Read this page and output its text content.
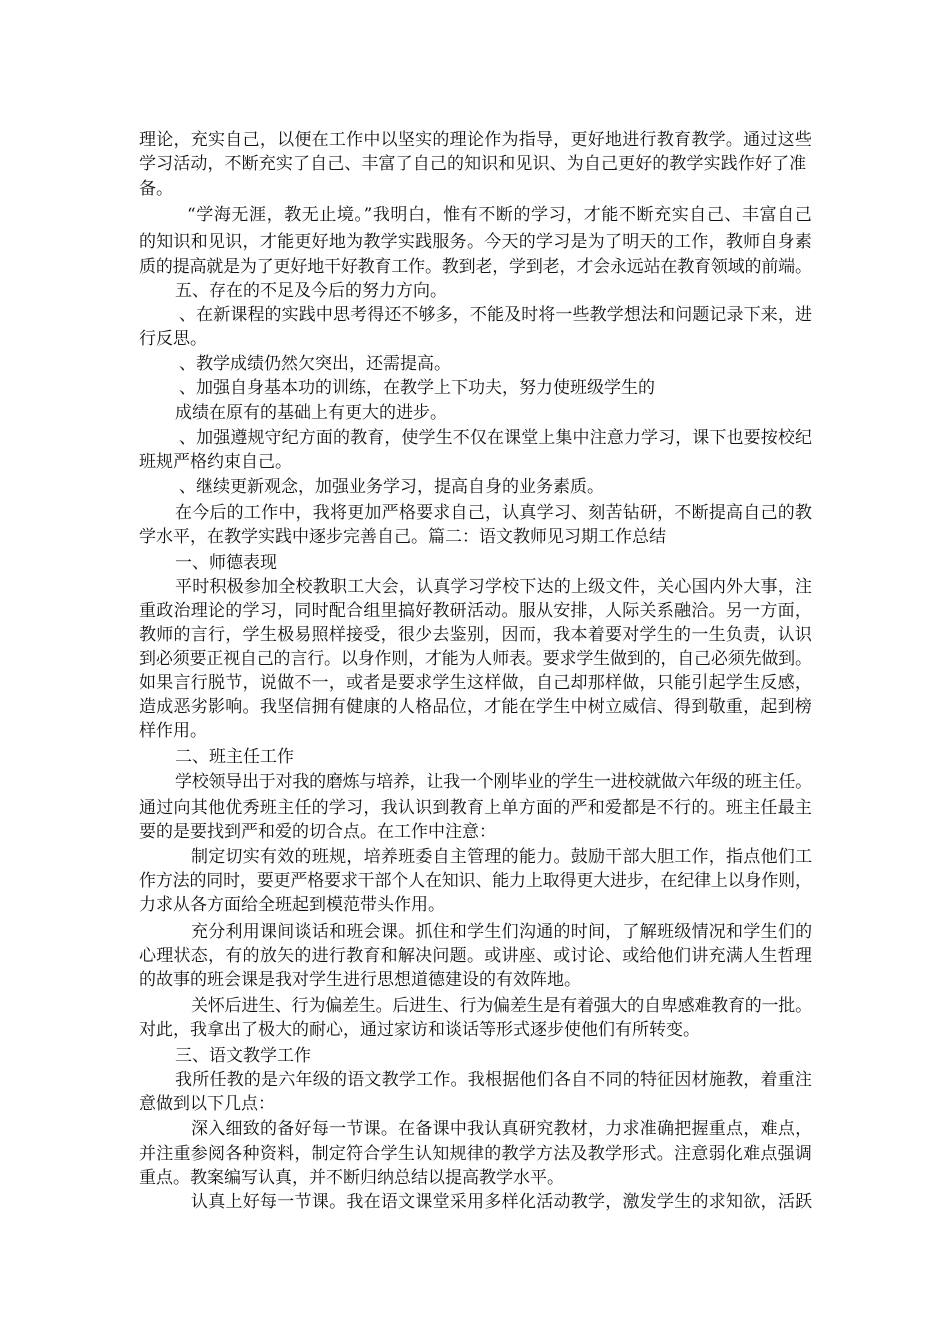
理论，充实自己，以便在工作中以坚实的理论作为指导，更好地进行教育教学。通过这些
学习活动，不断充实了自己、丰富了自己的知识和见识、为自己更好的教学实践作好了准
备。
“学海无涯，教无止境。”我明白，惟有不断的学习，才能不断充实自己、丰富自己
的知识和见识，才能更好地为教学实践服务。今天的学习是为了明天的工作，教师自身素
质的提高就是为了更好地干好教育工作。教到老，学到老，才会永远站在教育领域的前端。
五、存在的不足及今后的努力方向。
、在新课程的实践中思考得还不够多，不能及时将一些教学想法和问题记录下来，进
行反思。
、教学成绩仍然欠突出，还需提高。
、加强自身基本功的训练，在教学上下功夫，努力使班级学生的
成绩在原有的基础上有更大的进步。
、加强遵规守纪方面的教育，使学生不仅在课堂上集中注意力学习，课下也要按校纪
班规严格约束自己。
、继续更新观念，加强业务学习，提高自身的业务素质。
在今后的工作中，我将更加严格要求自己，认真学习、刻苦钻研，不断提高自己的教
学水平，在教学实践中逐步完善自己。篇二：语文教师见习期工作总结
一、师德表现
平时积极参加全校教职工大会，认真学习学校下达的上级文件，关心国内外大事，注
重政治理论的学习，同时配合组里搞好教研活动。服从安排，人际关系融洽。另一方面，
教师的言行，学生极易照样接受，很少去鉴别，因而，我本着要对学生的一生负责，认识
到必须要正视自己的言行。以身作则，才能为人师表。要求学生做到的，自己必须先做到。
如果言行脱节，说做不一，或者是要求学生这样做，自己却那样做，只能引起学生反感，
造成恶劣影响。我坚信拥有健康的人格品位，才能在学生中树立威信、得到敬重，起到榜
样作用。
二、班主任工作
学校领导出于对我的磨炼与培养，让我一个刚毕业的学生一进校就做六年级的班主任。
通过向其他优秀班主任的学习，我认识到教育上单方面的严和爱都是不行的。班主任最主
要的是要找到严和爱的切合点。在工作中注意：
制定切实有效的班规，培养班委自主管理的能力。鼓励干部大胆工作，指点他们工
作方法的同时，要更严格要求干部个人在知识、能力上取得更大进步，在纪律上以身作则，
力求从各方面给全班起到模范带头作用。
充分利用课间谈话和班会课。抓住和学生们沟通的时间，了解班级情况和学生们的
心理状态，有的放矢的进行教育和解决问题。或讲座、或讨论、或给他们讲充满人生哲理
的故事的班会课是我对学生进行思想道德建设的有效阵地。
关怀后进生、行为偏差生。后进生、行为偏差生是有着强大的自卑感难教育的一批。
对此，我拿出了极大的耐心，通过家访和谈话等形式逐步使他们有所转变。
三、语文教学工作
我所任教的是六年级的语文教学工作。我根据他们各自不同的特征因材施教，着重注
意做到以下几点：
深入细致的备好每一节课。在备课中我认真研究教材，力求准确把握重点，难点，
并注重参阅各种资料，制定符合学生认知规律的教学方法及教学形式。注意弱化难点强调
重点。教案编写认真，并不断归纳总结以提高教学水平。
认真上好每一节课。我在语文课堂采用多样化活动教学，激发学生的求知欲，活跃
